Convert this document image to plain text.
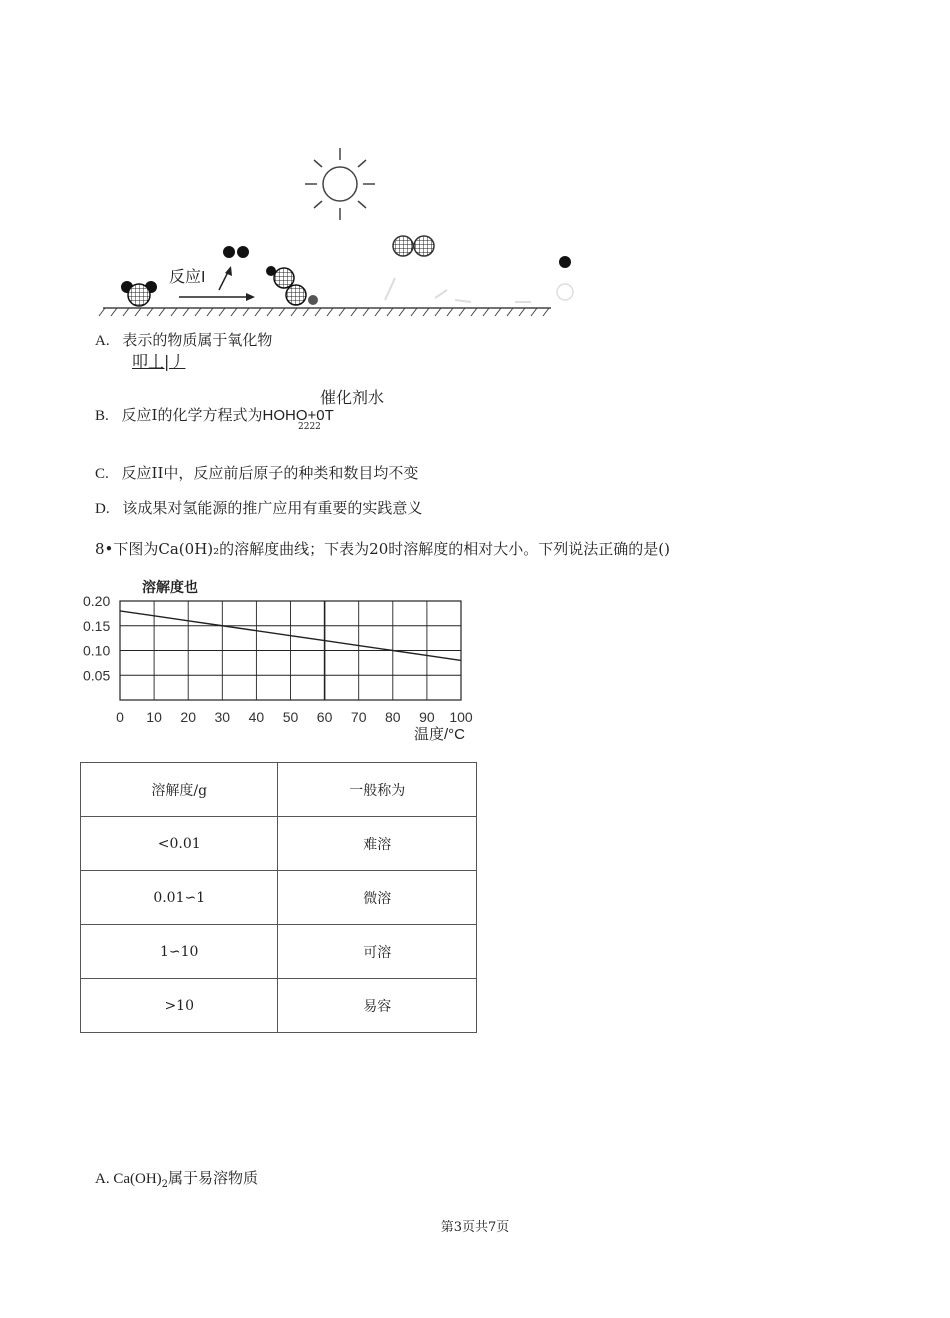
反应I
A. 表示的物质属于氧化物
叩丄|丿
催化剂水
B. 反应I的化学方程式为HOHO+0T
2222
C. 反应II中，反应前后原子的种类和数目均不变
D. 该成果对氢能源的推广应用有重要的实践意义
8•下图为Ca(0H)₂的溶解度曲线；下表为20时溶解度的相对大小。下列说法正确的是()
溶解度也
温度/°C
0 10 20 30 40 50 60 70 80 90 100
0.20
0.15
0.10
0.05
溶解度/g	一般称为
<0.01	难溶
0.01∽1	微溶
1∽10	可溶
>10	易容
A. $Ca(OH)_2$属于易溶物质
第3页共7页
